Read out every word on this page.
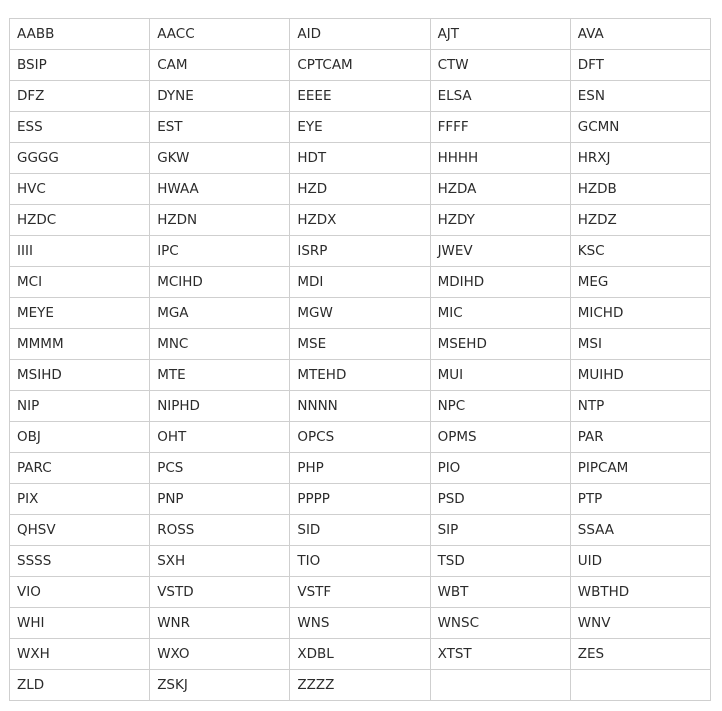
AABB	AACC	AID	AJT	AVA
BSIP	CAM	CPTCAM	CTW	DFT
DFZ	DYNE	EEEE	ELSA	ESN
ESS	EST	EYE	FFFF	GCMN
GGGG	GKW	HDT	HHHH	HRXJ
HVC	HWAA	HZD	HZDA	HZDB
HZDC	HZDN	HZDX	HZDY	HZDZ
IIII	IPC	ISRP	JWEV	KSC
MCI	MCIHD	MDI	MDIHD	MEG
MEYE	MGA	MGW	MIC	MICHD
MMMM	MNC	MSE	MSEHD	MSI
MSIHD	MTE	MTEHD	MUI	MUIHD
NIP	NIPHD	NNNN	NPC	NTP
OBJ	OHT	OPCS	OPMS	PAR
PARC	PCS	PHP	PIO	PIPCAM
PIX	PNP	PPPP	PSD	PTP
QHSV	ROSS	SID	SIP	SSAA
SSSS	SXH	TIO	TSD	UID
VIO	VSTD	VSTF	WBT	WBTHD
WHI	WNR	WNS	WNSC	WNV
WXH	WXO	XDBL	XTST	ZES
ZLD	ZSKJ	ZZZZ		
